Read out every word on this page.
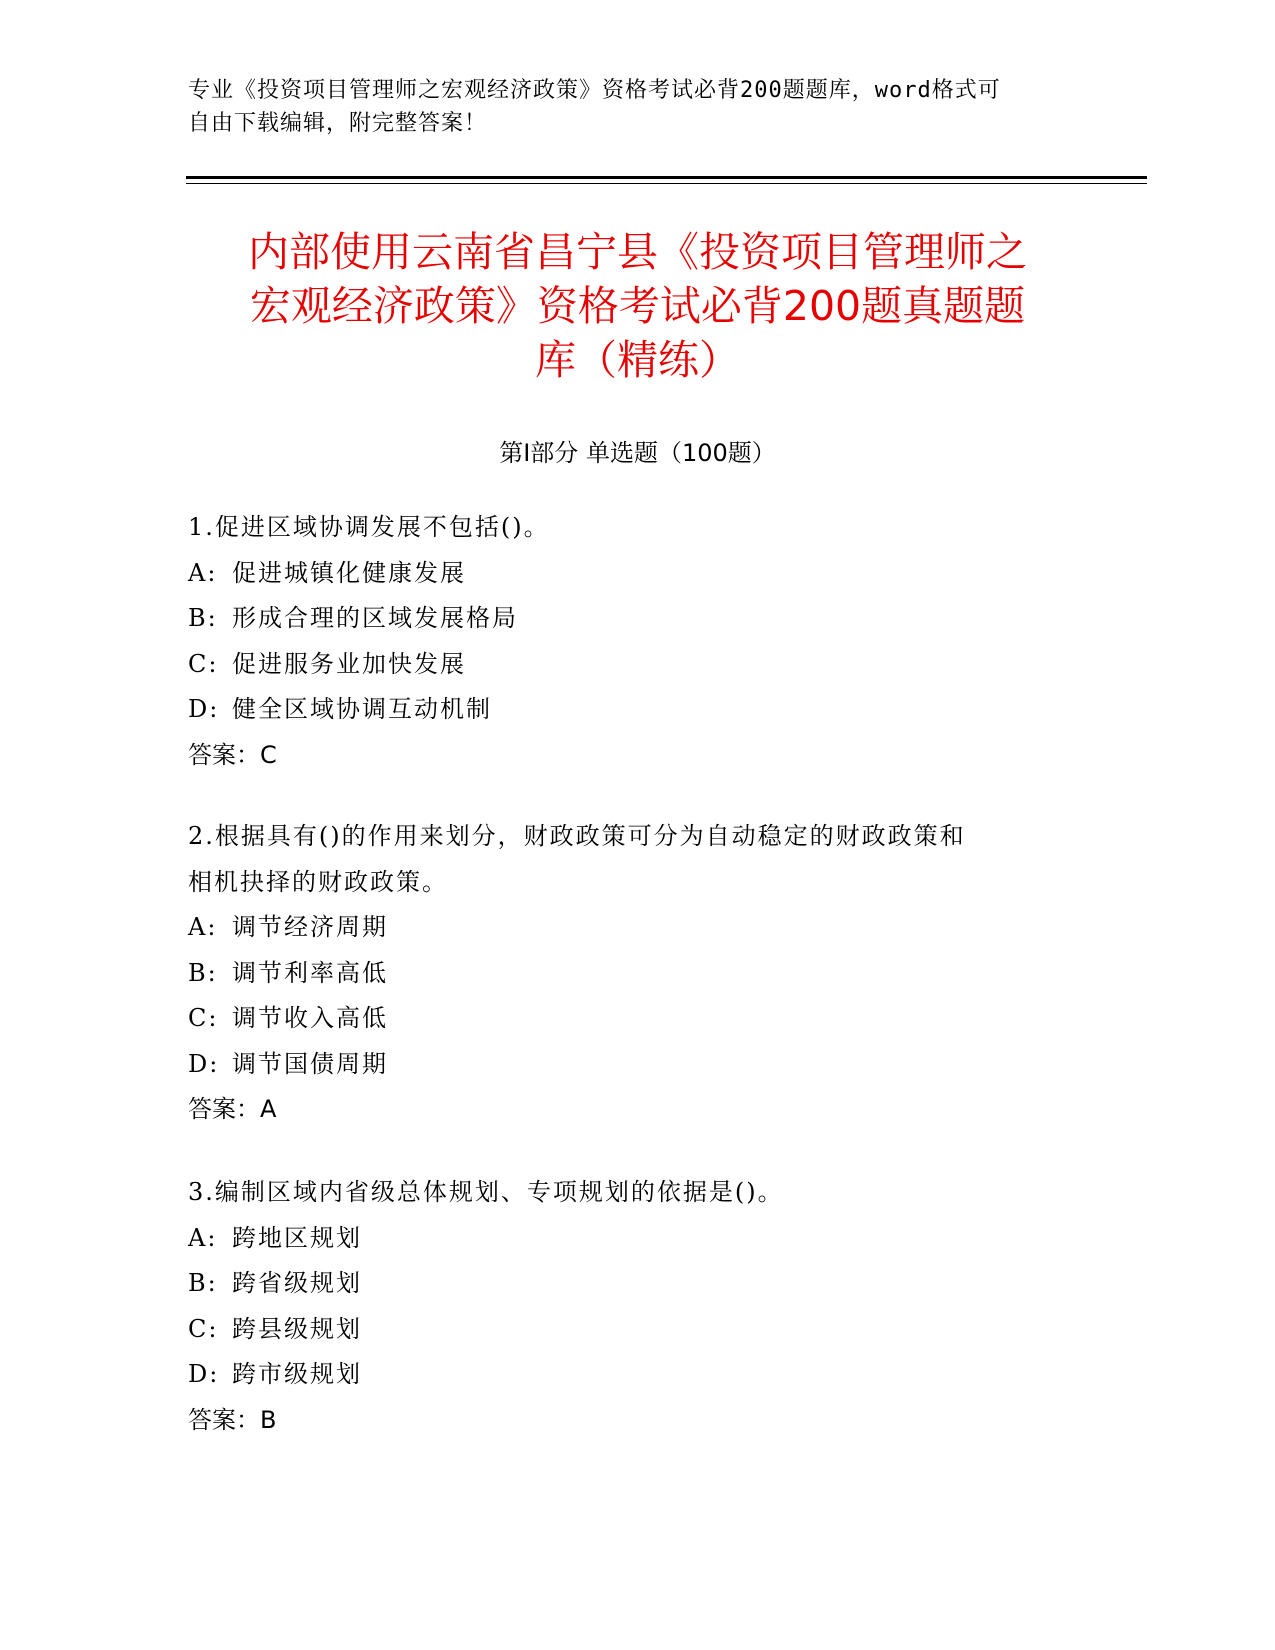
专业《投资项目管理师之宏观经济政策》资格考试必背200题题库，word格式可
自由下载编辑，附完整答案！
内部使用云南省昌宁县《投资项目管理师之
宏观经济政策》资格考试必背200题真题题
库（精练）
第Ⅰ部分 单选题（100题）
1.促进区域协调发展不包括()。
A: 促进城镇化健康发展
B: 形成合理的区域发展格局
C: 促进服务业加快发展
D: 健全区域协调互动机制
答案：C
2.根据具有()的作用来划分，财政政策可分为自动稳定的财政政策和
相机抉择的财政政策。
A: 调节经济周期
B: 调节利率高低
C: 调节收入高低
D: 调节国债周期
答案：A
3.编制区域内省级总体规划、专项规划的依据是()。
A: 跨地区规划
B: 跨省级规划
C: 跨县级规划
D: 跨市级规划
答案：B
